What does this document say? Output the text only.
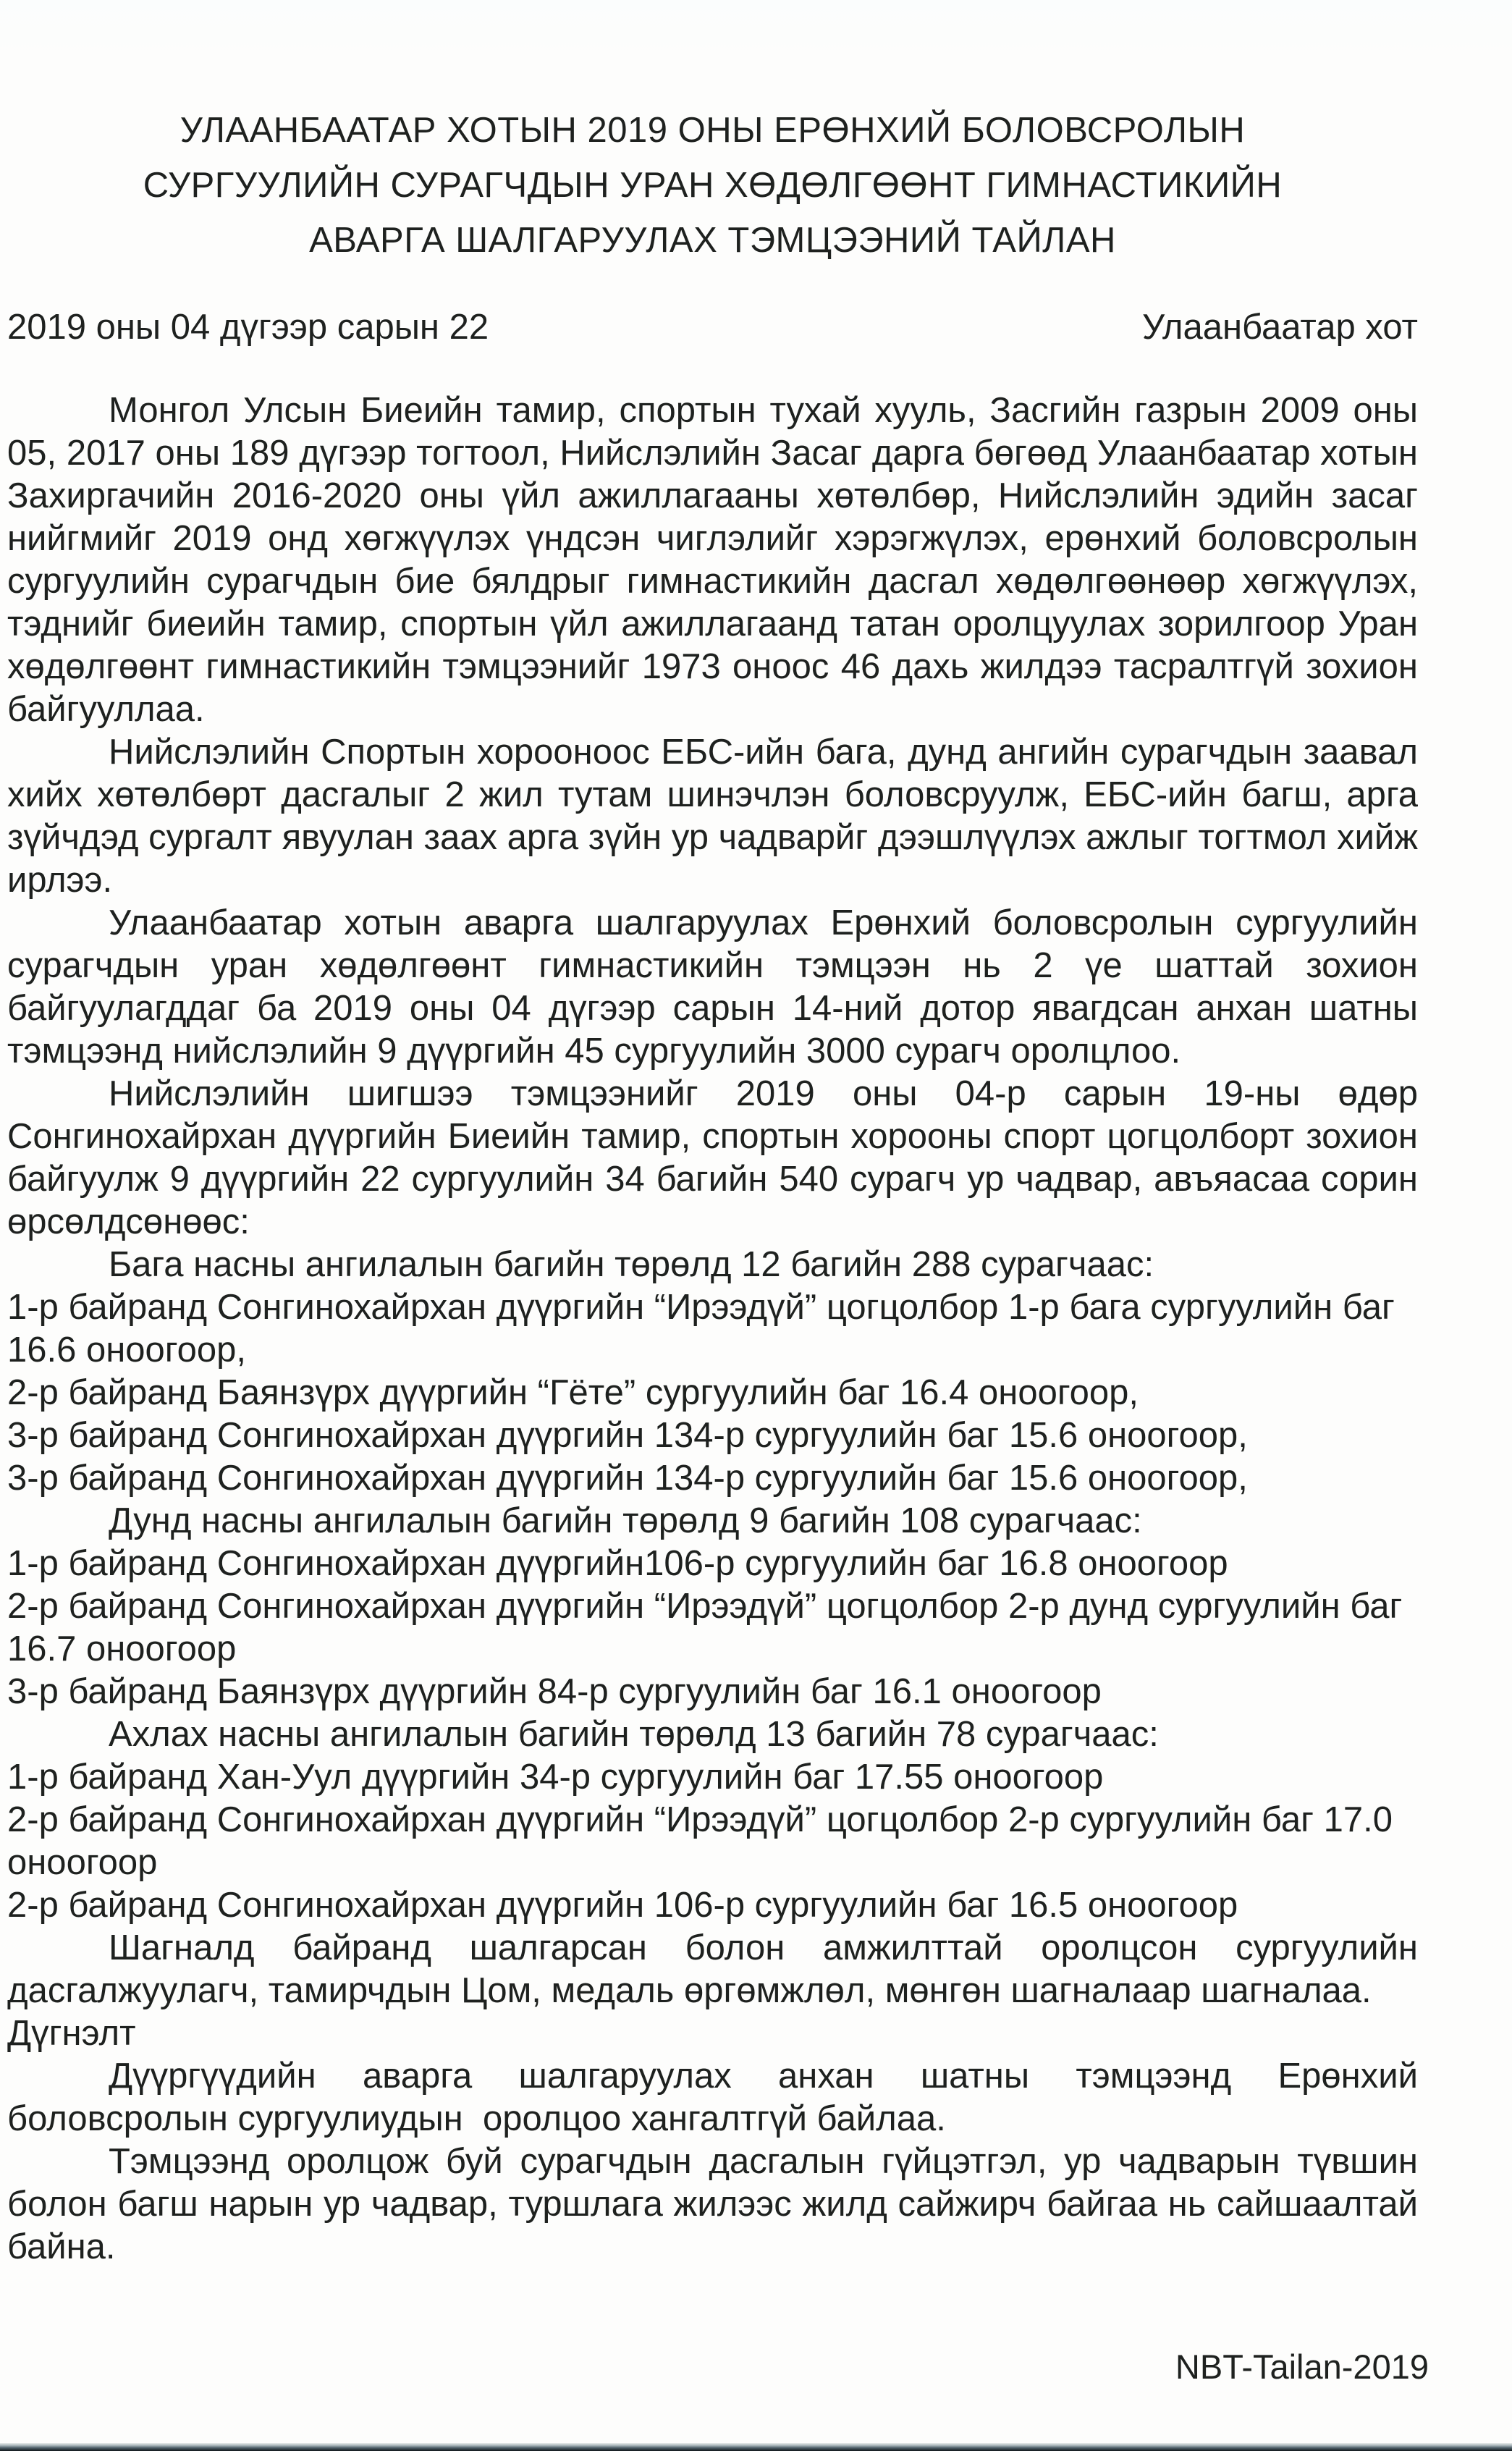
УЛААНБААТАР ХОТЫН 2019 ОНЫ ЕРӨНХИЙ БОЛОВСРОЛЫН
СУРГУУЛИЙН СУРАГЧДЫН УРАН ХӨДӨЛГӨӨНТ ГИМНАСТИКИЙН
АВАРГА ШАЛГАРУУЛАХ ТЭМЦЭЭНИЙ ТАЙЛАН
2019 оны 04 дүгээр сарын 22	Улаанбаатар хот

Монгол Улсын Биеийн тамир, спортын тухай хууль, Засгийн газрын 2009 оны 05, 2017 оны 189 дүгээр тогтоол, Нийслэлийн Засаг дарга бөгөөд Улаанбаатар хотын Захиргачийн 2016-2020 оны үйл ажиллагааны хөтөлбөр, Нийслэлийн эдийн засаг нийгмийг 2019 онд хөгжүүлэх үндсэн чиглэлийг хэрэгжүлэх, ерөнхий боловсролын сургуулийн сурагчдын бие бялдрыг гимнастикийн дасгал хөдөлгөөнөөр хөгжүүлэх, тэднийг биеийн тамир, спортын үйл ажиллагаанд татан оролцуулах зорилгоор Уран хөдөлгөөнт гимнастикийн тэмцээнийг 1973 оноос 46 дахь жилдээ тасралтгүй зохион байгууллаа.

Нийслэлийн Спортын хорооноос ЕБС-ийн бага, дунд ангийн сурагчдын заавал хийх хөтөлбөрт дасгалыг 2 жил тутам шинэчлэн боловсруулж, ЕБС-ийн багш, арга зүйчдэд сургалт явуулан заах арга зүйн ур чадварйг дээшлүүлэх ажлыг тогтмол хийж ирлээ.

Улаанбаатар хотын аварга шалгаруулах Ерөнхий боловсролын сургуулийн сурагчдын уран хөдөлгөөнт гимнастикийн тэмцээн нь 2 үе шаттай зохион байгуулагддаг ба 2019 оны 04 дүгээр сарын 14-ний дотор явагдсан анхан шатны тэмцээнд нийслэлийн 9 дүүргийн 45 сургуулийн 3000 сурагч оролцлоо.

Нийслэлийн шигшээ тэмцээнийг 2019 оны 04-р сарын 19-ны өдөр Сонгинохайрхан дүүргийн Биеийн тамир, спортын хорооны спорт цогцолборт зохион байгуулж 9 дүүргийн 22 сургуулийн 34 багийн 540 сурагч ур чадвар, авъяасаа сорин өрсөлдсөнөөс:

Бага насны ангилалын багийн төрөлд 12 багийн 288 сурагчаас:

1-р байранд Сонгинохайрхан дүүргийн “Ирээдүй” цогцолбор 1-р бага сургуулийн баг 16.6 оноогоор,

2-р байранд Баянзүрх дүүргийн “Гёте” сургуулийн баг 16.4 оноогоор,

3-р байранд Сонгинохайрхан дүүргийн 134-р сургуулийн баг 15.6 оноогоор,

3-р байранд Сонгинохайрхан дүүргийн 134-р сургуулийн баг 15.6 оноогоор,

Дунд насны ангилалын багийн төрөлд 9 багийн 108 сурагчаас:

1-р байранд Сонгинохайрхан дүүргийн106-р сургуулийн баг 16.8 оноогоор

2-р байранд Сонгинохайрхан дүүргийн “Ирээдүй” цогцолбор 2-р дунд сургуулийн баг 16.7 оноогоор

3-р байранд Баянзүрх дүүргийн 84-р сургуулийн баг 16.1 оноогоор

Ахлах насны ангилалын багийн төрөлд 13 багийн 78 сурагчаас:

1-р байранд Хан-Уул дүүргийн 34-р сургуулийн баг 17.55 оноогоор

2-р байранд Сонгинохайрхан дүүргийн “Ирээдүй” цогцолбор 2-р сургуулийн баг 17.0 оноогоор

2-р байранд Сонгинохайрхан дүүргийн 106-р сургуулийн баг 16.5 оноогоор

Шагналд байранд шалгарсан болон амжилттай оролцсон сургуулийн дасгалжуулагч, тамирчдын Цом, медаль өргөмжлөл, мөнгөн шагналаар шагналаа.

Дүгнэлт

Дүүргүүдийн аварга шалгаруулах анхан шатны тэмцээнд Ерөнхий боловсролын сургуулиудын  оролцоо хангалтгүй байлаа.

Тэмцээнд оролцож буй сурагчдын дасгалын гүйцэтгэл, ур чадварын түвшин болон багш нарын ур чадвар, туршлага жилээс жилд сайжирч байгаа нь сайшаалтай байна.

NBT-Tailan-2019
